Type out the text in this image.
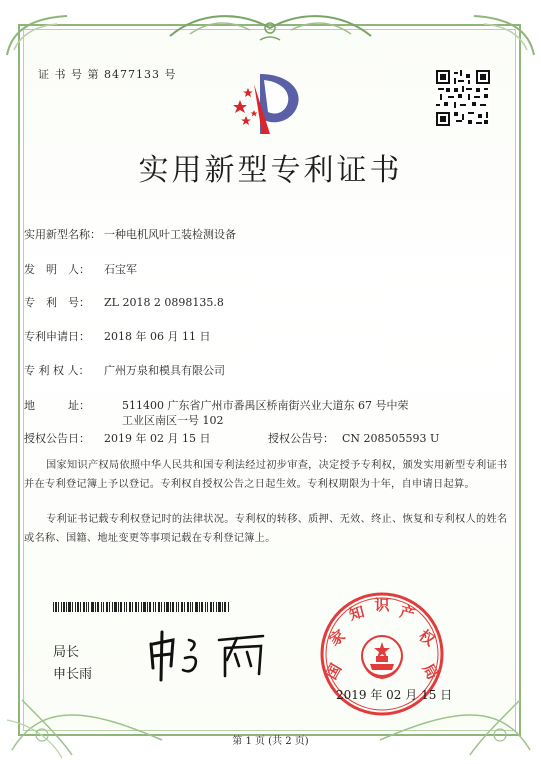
证 书 号 第 8477133 号
实用新型专利证书
实用新型名称： 一种电机风叶工装检测设备
发　明　人：	石宝军
专　利　号：	ZL 2018 2 0898135.8
专利申请日：	2018 年 06 月 11 日
专 利 权 人：	广州万泉和模具有限公司
地　　　址：	511400 广东省广州市番禺区桥南街兴业大道东 67 号中荣
工业区南区一号 102
授权公告日：	2019 年 02 月 15 日	授权公告号： CN 208505593 U
国家知识产权局依照中华人民共和国专利法经过初步审查，决定授予专利权，颁发实用新型专利证书并在专利登记簿上予以登记。专利权自授权公告之日起生效。专利权期限为十年，自申请日起算。
专利证书记载专利权登记时的法律状况。专利权的转移、质押、无效、终止、恢复和专利权人的姓名或名称、国籍、地址变更等事项记载在专利登记簿上。
局长
申长雨	国
家
知 识 产
权
局
2019 年 02 月 15 日
第 1 页 (共 2 页)
